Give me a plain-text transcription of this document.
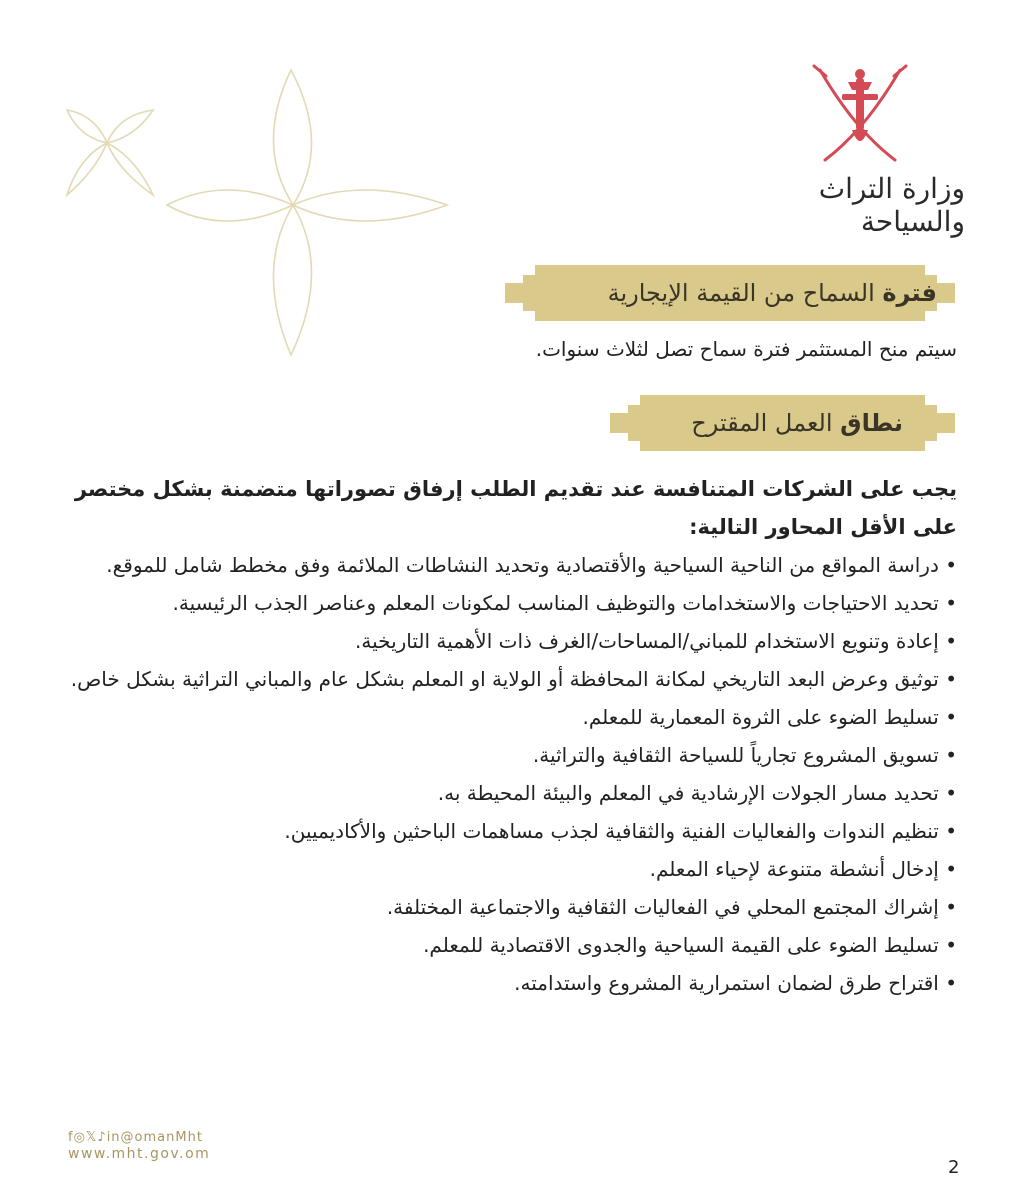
وزارة التراث والسياحة
فترة السماح من القيمة الإيجارية
سيتم منح المستثمر فترة سماح تصل لثلاث سنوات.
نطاق العمل المقترح
يجب على الشركات المتنافسة عند تقديم الطلب إرفاق تصوراتها متضمنة بشكل مختصر على الأقل المحاور التالية:
• دراسة المواقع من الناحية السياحية والأقتصادية وتحديد النشاطات الملائمة وفق مخطط شامل للموقع.
• تحديد الاحتياجات والاستخدامات والتوظيف المناسب لمكونات المعلم وعناصر الجذب الرئيسية.
• إعادة وتنويع الاستخدام للمباني/المساحات/الغرف ذات الأهمية التاريخية.
• توثيق وعرض البعد التاريخي لمكانة المحافظة أو الولاية او المعلم بشكل عام والمباني التراثية بشكل خاص.
• تسليط الضوء على الثروة المعمارية للمعلم.
• تسويق المشروع تجارياً للسياحة الثقافية والتراثية.
• تحديد مسار الجولات الإرشادية في المعلم والبيئة المحيطة به.
• تنظيم الندوات والفعاليات الفنية والثقافية لجذب مساهمات الباحثين والأكاديميين.
• إدخال أنشطة متنوعة لإحياء المعلم.
• إشراك المجتمع المحلي في الفعاليات الثقافية والاجتماعية المختلفة.
• تسليط الضوء على القيمة السياحية والجدوى الاقتصادية للمعلم.
• اقتراح طرق لضمان استمرارية المشروع واستدامته.
f◎𝕏♪in@omanMht
www.mht.gov.om
2
